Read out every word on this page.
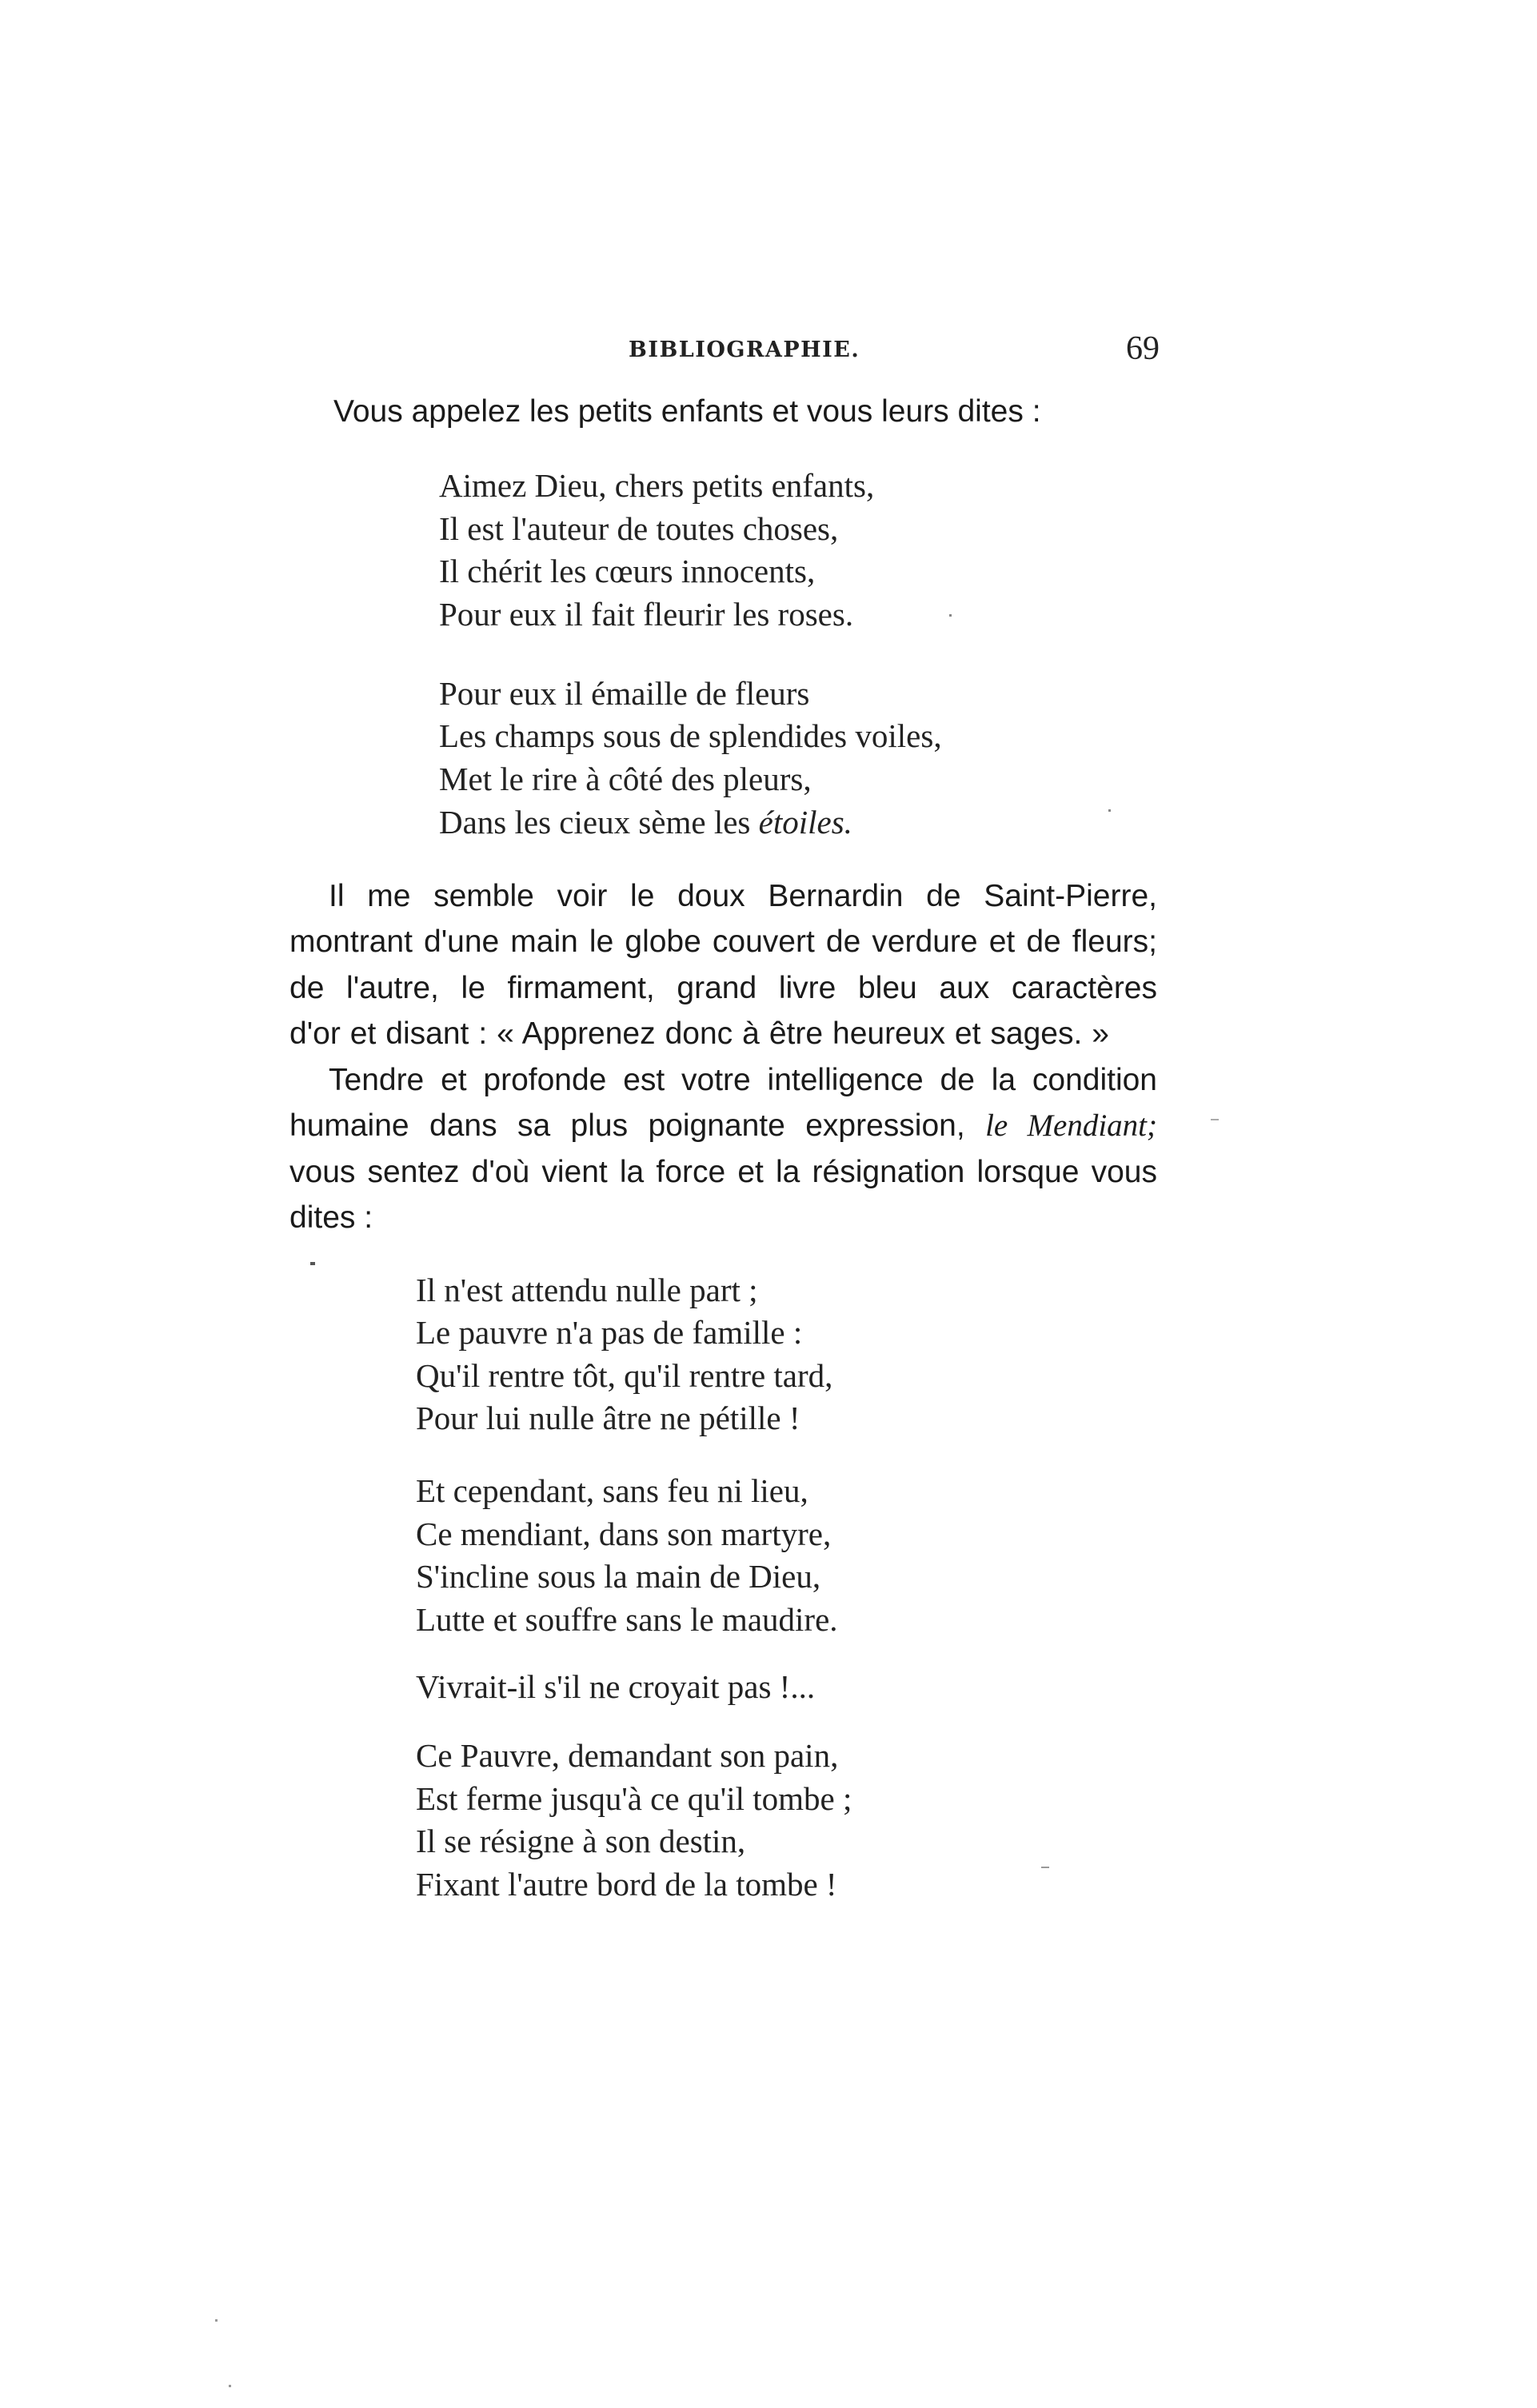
BIBLIOGRAPHIE.	69
Vous appelez les petits enfants et vous leurs dites :
Aimez Dieu, chers petits enfants,
Il est l'auteur de toutes choses,
Il chérit les cœurs innocents,
Pour eux il fait fleurir les roses.
Pour eux il émaille de fleurs
Les champs sous de splendides voiles,
Met le rire à côté des pleurs,
Dans les cieux sème les étoiles.
Il me semble voir le doux Bernardin de Saint-Pierre,
montrant d'une main le globe couvert de verdure et de fleurs;
de l'autre, le firmament, grand livre bleu aux caractères
d'or et disant : « Apprenez donc à être heureux et sages. »
Tendre et profonde est votre intelligence de la condition
humaine dans sa plus poignante expression, le Mendiant;
vous sentez d'où vient la force et la résignation lorsque vous
dites :
Il n'est attendu nulle part ;
Le pauvre n'a pas de famille :
Qu'il rentre tôt, qu'il rentre tard,
Pour lui nulle âtre ne pétille !
Et cependant, sans feu ni lieu,
Ce mendiant, dans son martyre,
S'incline sous la main de Dieu,
Lutte et souffre sans le maudire.
Vivrait-il s'il ne croyait pas !...
Ce Pauvre, demandant son pain,
Est ferme jusqu'à ce qu'il tombe ;
Il se résigne à son destin,
Fixant l'autre bord de la tombe !
